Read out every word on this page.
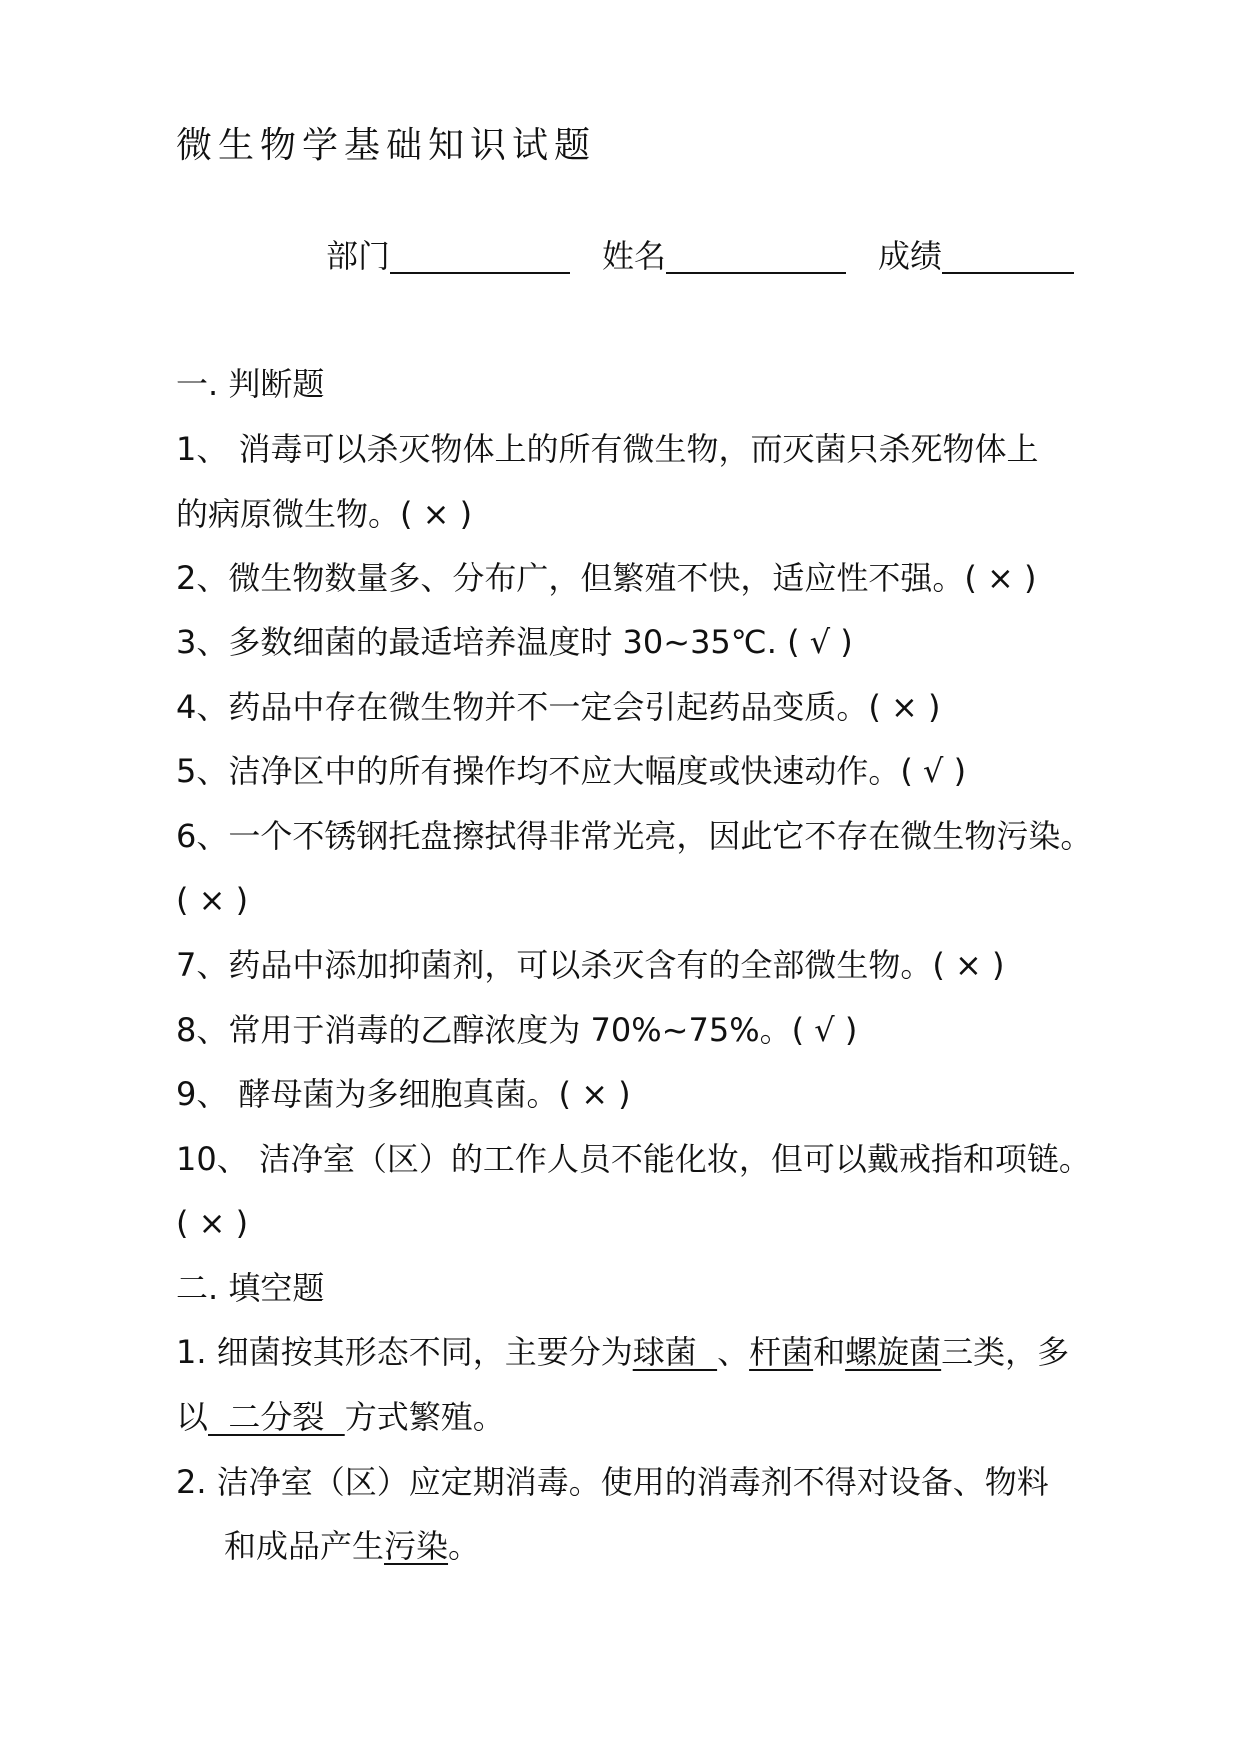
微生物学基础知识试题
部门	姓名	成绩
一. 判断题
1、 消毒可以杀灭物体上的所有微生物，而灭菌只杀死物体上
的病原微生物。( × )
2、微生物数量多、分布广，但繁殖不快，适应性不强。( × )
3、多数细菌的最适培养温度时 30~35℃. ( √ )
4、药品中存在微生物并不一定会引起药品变质。( × )
5、洁净区中的所有操作均不应大幅度或快速动作。( √ )
6、一个不锈钢托盘擦拭得非常光亮，因此它不存在微生物污染。
( × )
7、药品中添加抑菌剂，可以杀灭含有的全部微生物。( × )
8、常用于消毒的乙醇浓度为 70%~75%。( √ )
9、 酵母菌为多细胞真菌。( × )
10、 洁净室（区）的工作人员不能化妆，但可以戴戒指和项链。
( × )
二. 填空题
1. 细菌按其形态不同，主要分为球菌  、杆菌和螺旋菌三类，多
以  二分裂  方式繁殖。
2. 洁净室（区）应定期消毒。使用的消毒剂不得对设备、物料
和成品产生污染。
